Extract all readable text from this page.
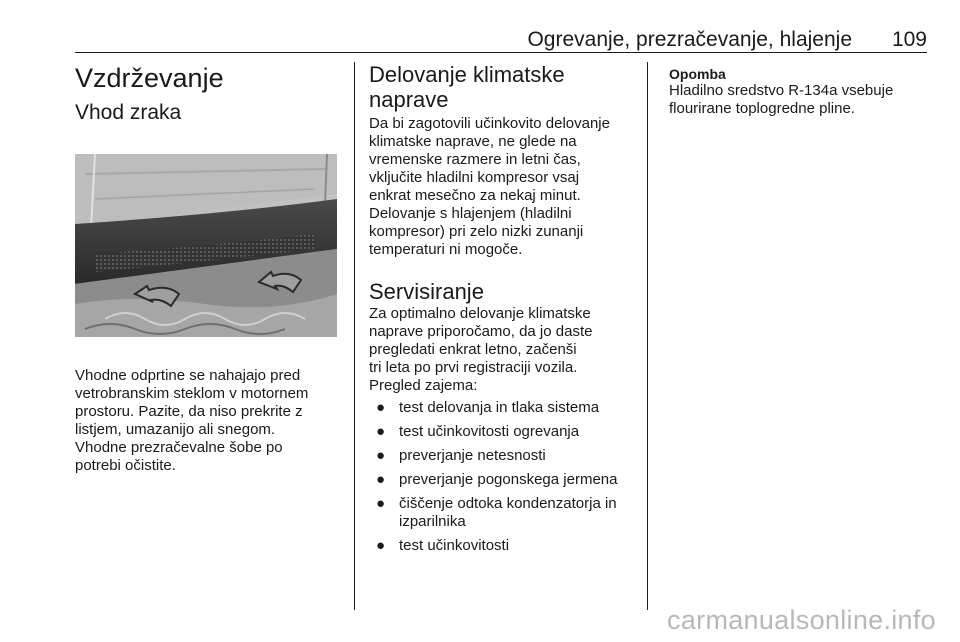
Ogrevanje, prezračevanje, hlajenje 109
Vzdrževanje
Vhod zraka

Vhodne odprtine se nahajajo pred

vetrobranskim steklom v motornem

prostoru. Pazite, da niso prekrite z

listjem, umazanijo ali snegom.

Vhodne prezračevalne šobe po

potrebi očistite.

Delovanje klimatske
naprave

Da bi zagotovili učinkovito delovanje

klimatske naprave, ne glede na

vremenske razmere in letni čas,

vključite hladilni kompresor vsaj

enkrat mesečno za nekaj minut.

Delovanje s hlajenjem (hladilni

kompresor) pri zelo nizki zunanji

temperaturi ni mogoče.

Servisiranje

Za optimalno delovanje klimatske

naprave priporočamo, da jo daste

pregledati enkrat letno, začenši

tri leta po prvi registraciji vozila.

Pregled zajema:

● test delovanja in tlaka sistema
● test učinkovitosti ogrevanja
● preverjanje netesnosti
● preverjanje pogonskega jermena
● čiščenje odtoka kondenzatorja in izparilnika
● test učinkovitosti
Opomba

Hladilno sredstvo R-134a vsebuje

flourirane toplogredne pline.

carmanualsonline.info
